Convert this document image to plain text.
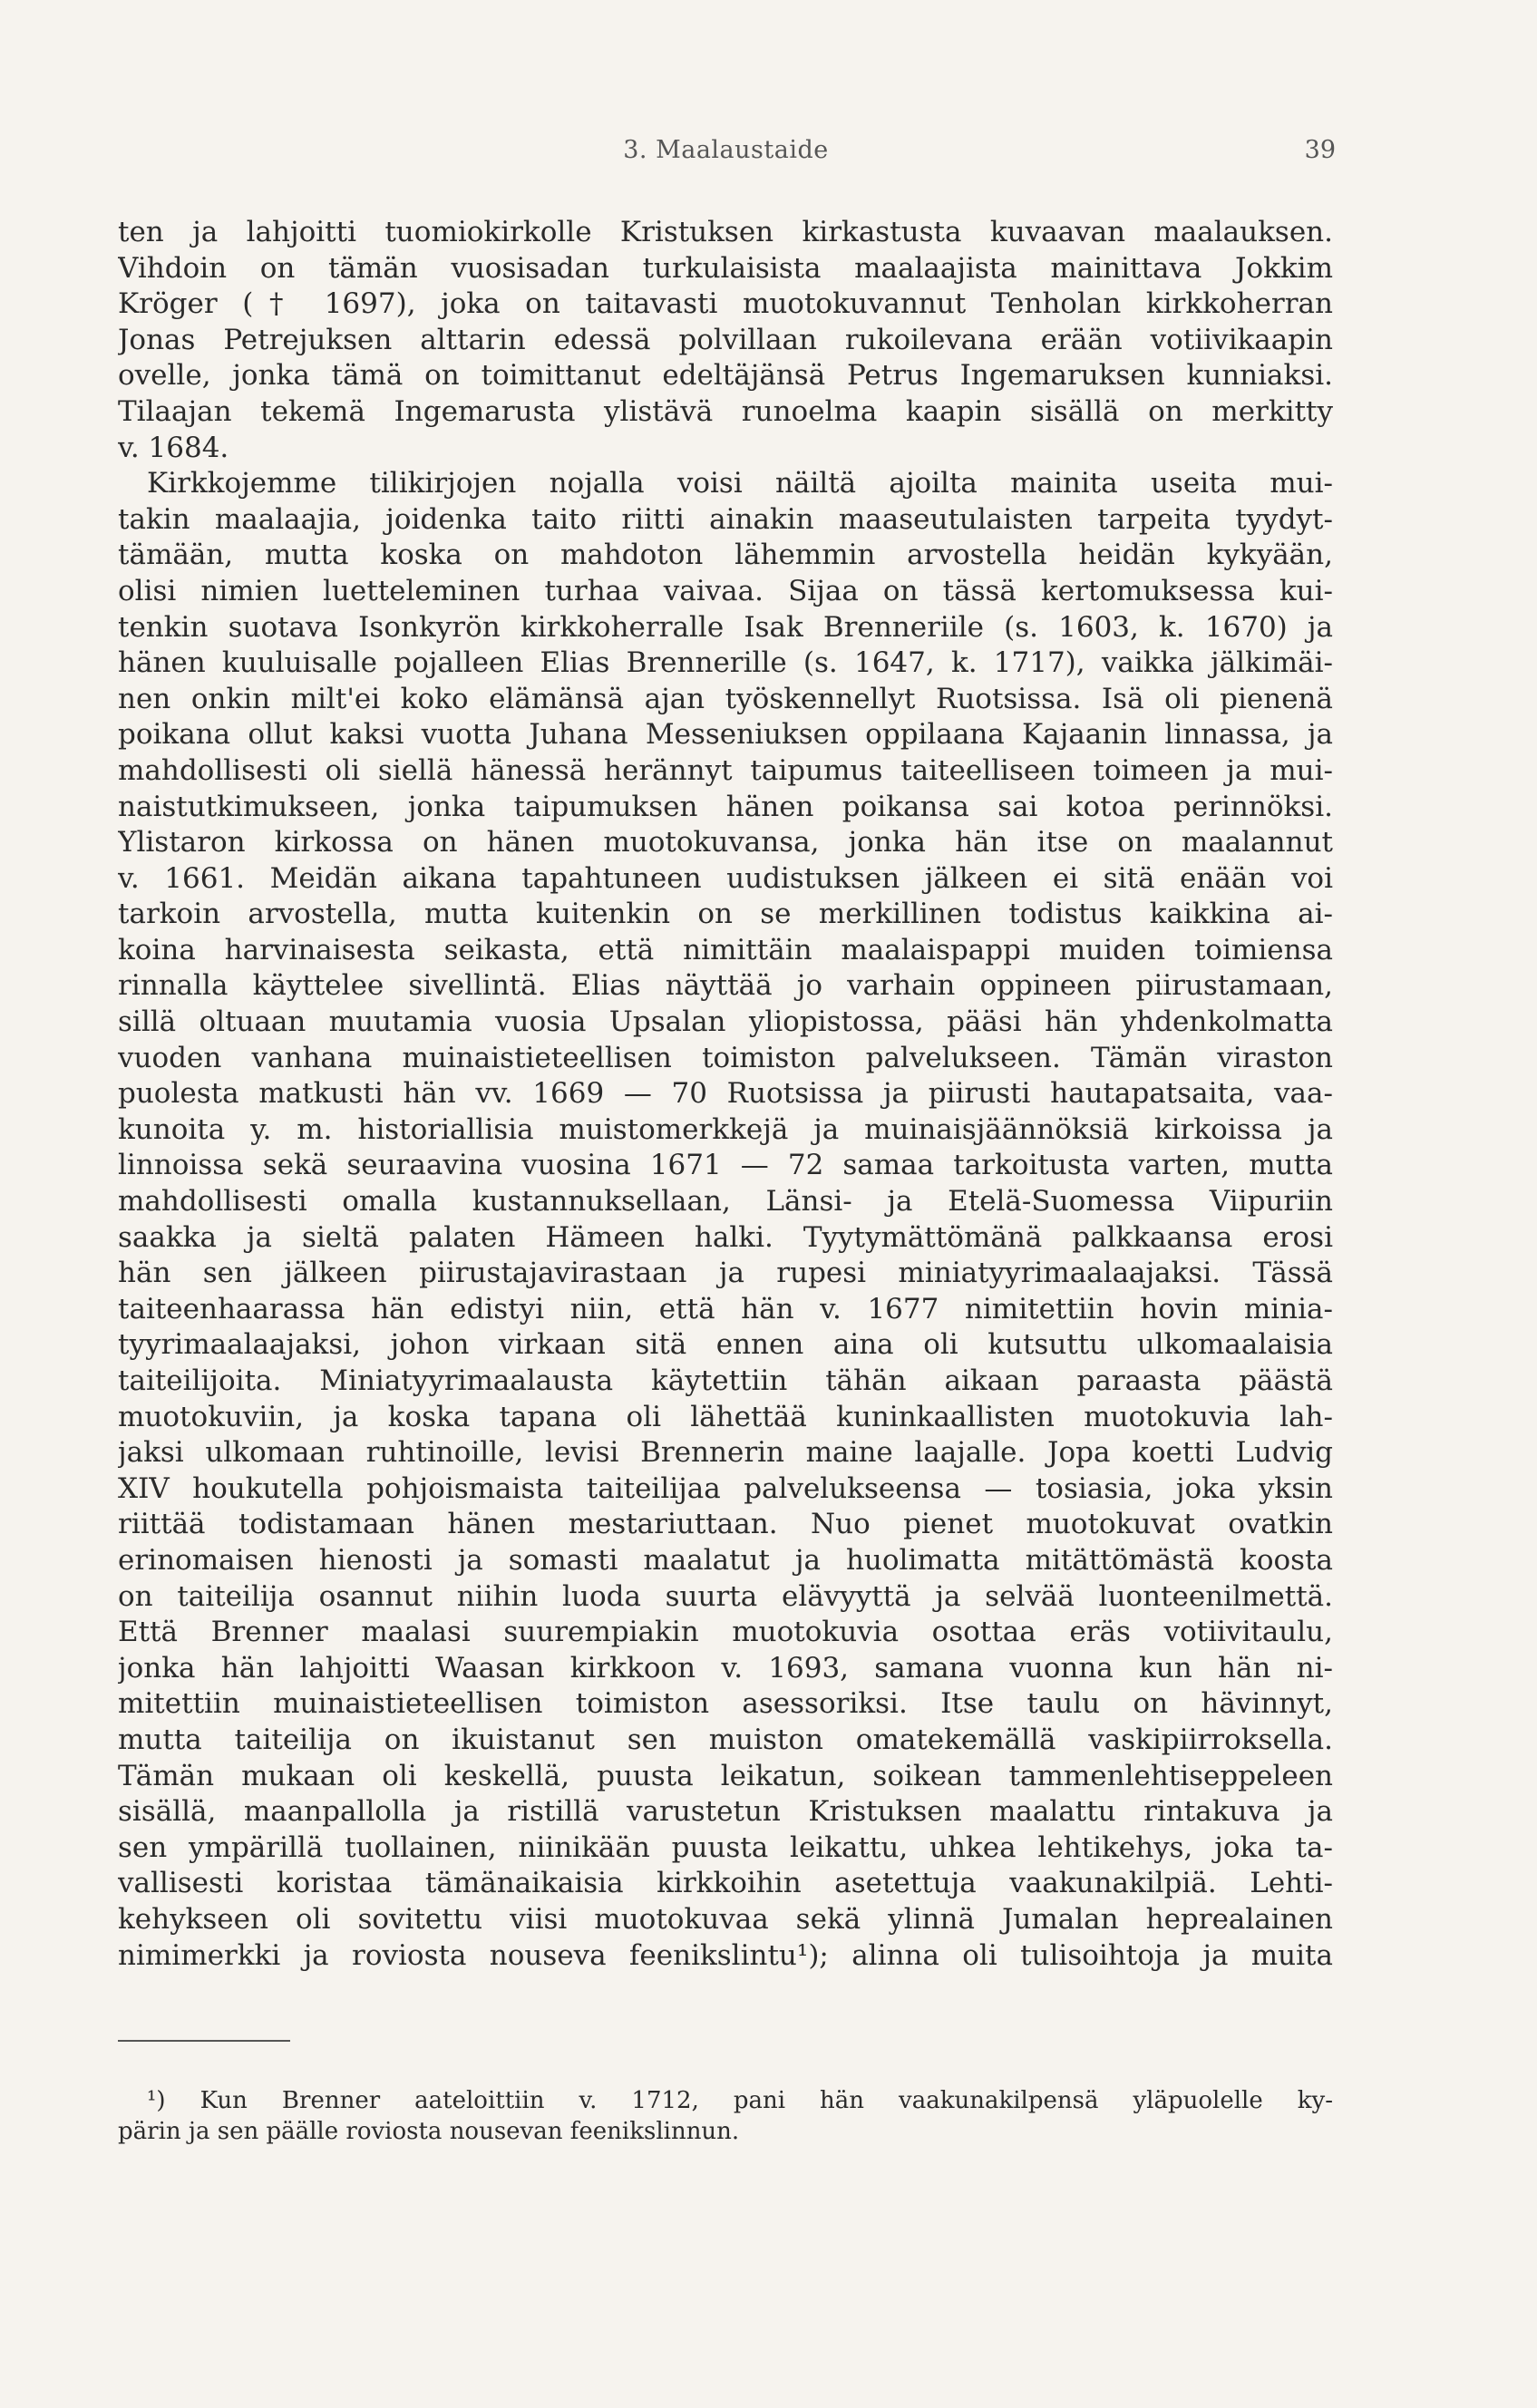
3. Maalaustaide	39
ten ja lahjoitti tuomiokirkolle Kristuksen kirkastusta kuvaavan maalauksen.
Vihdoin on tämän vuosisadan turkulaisista maalaajista mainittava Jokkim
Kröger († 1697), joka on taitavasti muotokuvannut Tenholan kirkkoherran
Jonas Petrejuksen alttarin edessä polvillaan rukoilevana erään votiivikaapin
ovelle, jonka tämä on toimittanut edeltäjänsä Petrus Ingemaruksen kunniaksi.
Tilaajan tekemä Ingemarusta ylistävä runoelma kaapin sisällä on merkitty
v. 1684.
Kirkkojemme tilikirjojen nojalla voisi näiltä ajoilta mainita useita mui-
takin maalaajia, joidenka taito riitti ainakin maaseutulaisten tarpeita tyydyt-
tämään, mutta koska on mahdoton lähemmin arvostella heidän kykyään,
olisi nimien luetteleminen turhaa vaivaa. Sijaa on tässä kertomuksessa kui-
tenkin suotava Isonkyrön kirkkoherralle Isak Brenneriile (s. 1603, k. 1670) ja
hänen kuuluisalle pojalleen Elias Brennerille (s. 1647, k. 1717), vaikka jälkimäi-
nen onkin milt'ei koko elämänsä ajan työskennellyt Ruotsissa. Isä oli pienenä
poikana ollut kaksi vuotta Juhana Messeniuksen oppilaana Kajaanin linnassa, ja
mahdollisesti oli siellä hänessä herännyt taipumus taiteelliseen toimeen ja mui-
naistutkimukseen, jonka taipumuksen hänen poikansa sai kotoa perinnöksi.
Ylistaron kirkossa on hänen muotokuvansa, jonka hän itse on maalannut
v. 1661. Meidän aikana tapahtuneen uudistuksen jälkeen ei sitä enään voi
tarkoin arvostella, mutta kuitenkin on se merkillinen todistus kaikkina ai-
koina harvinaisesta seikasta, että nimittäin maalaispappi muiden toimiensa
rinnalla käyttelee sivellintä. Elias näyttää jo varhain oppineen piirustamaan,
sillä oltuaan muutamia vuosia Upsalan yliopistossa, pääsi hän yhdenkolmatta
vuoden vanhana muinaistieteellisen toimiston palvelukseen. Tämän viraston
puolesta matkusti hän vv. 1669 — 70 Ruotsissa ja piirusti hautapatsaita, vaa-
kunoita y. m. historiallisia muistomerkkejä ja muinaisjäännöksiä kirkoissa ja
linnoissa sekä seuraavina vuosina 1671 — 72 samaa tarkoitusta varten, mutta
mahdollisesti omalla kustannuksellaan, Länsi- ja Etelä-Suomessa Viipuriin
saakka ja sieltä palaten Hämeen halki. Tyytymättömänä palkkaansa erosi
hän sen jälkeen piirustajavirastaan ja rupesi miniatyyrimaalaajaksi. Tässä
taiteenhaarassa hän edistyi niin, että hän v. 1677 nimitettiin hovin minia-
tyyrimaalaajaksi, johon virkaan sitä ennen aina oli kutsuttu ulkomaalaisia
taiteilijoita. Miniatyyrimaalausta käytettiin tähän aikaan paraasta päästä
muotokuviin, ja koska tapana oli lähettää kuninkaallisten muotokuvia lah-
jaksi ulkomaan ruhtinoille, levisi Brennerin maine laajalle. Jopa koetti Ludvig
XIV houkutella pohjoismaista taiteilijaa palvelukseensa — tosiasia, joka yksin
riittää todistamaan hänen mestariuttaan. Nuo pienet muotokuvat ovatkin
erinomaisen hienosti ja somasti maalatut ja huolimatta mitättömästä koosta
on taiteilija osannut niihin luoda suurta elävyyttä ja selvää luonteenilmettä.
Että Brenner maalasi suurempiakin muotokuvia osottaa eräs votiivitaulu,
jonka hän lahjoitti Waasan kirkkoon v. 1693, samana vuonna kun hän ni-
mitettiin muinaistieteellisen toimiston asessoriksi. Itse taulu on hävinnyt,
mutta taiteilija on ikuistanut sen muiston omatekemällä vaskipiirroksella.
Tämän mukaan oli keskellä, puusta leikatun, soikean tammenlehtiseppeleen
sisällä, maanpallolla ja ristillä varustetun Kristuksen maalattu rintakuva ja
sen ympärillä tuollainen, niinikään puusta leikattu, uhkea lehtikehys, joka ta-
vallisesti koristaa tämänaikaisia kirkkoihin asetettuja vaakunakilpiä. Lehti-
kehykseen oli sovitettu viisi muotokuvaa sekä ylinnä Jumalan heprealainen
nimimerkki ja roviosta nouseva feenikslintu¹); alinna oli tulisoihtoja ja muita
¹) Kun Brenner aateloittiin v. 1712, pani hän vaakunakilpensä yläpuolelle ky-
pärin ja sen päälle roviosta nousevan feenikslinnun.
